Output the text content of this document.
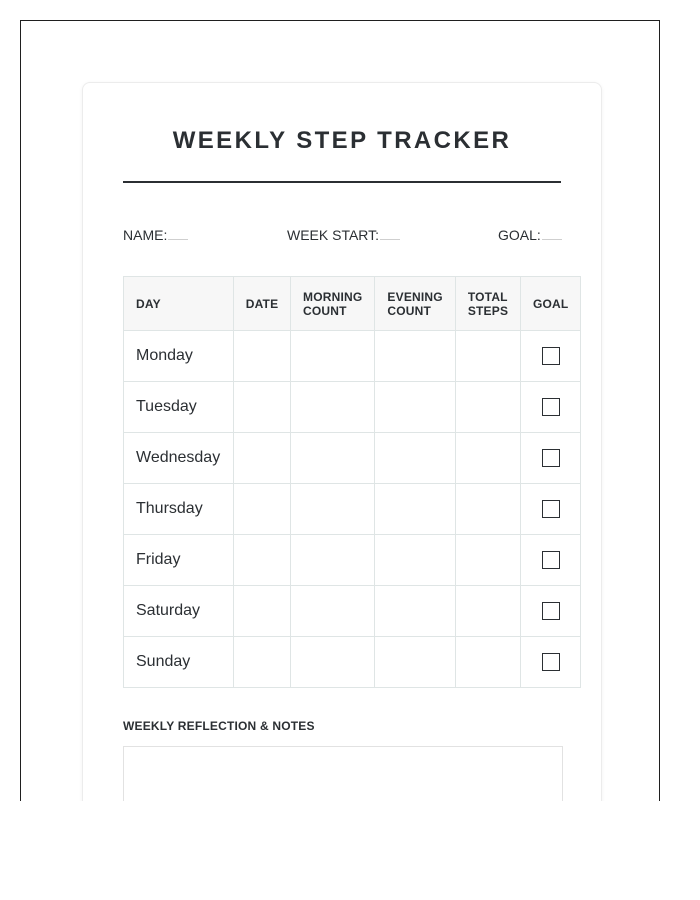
WEEKLY STEP TRACKER
NAME:	WEEK START:	GOAL:
DAY	DATE	MORNING COUNT	EVENING COUNT	TOTAL STEPS	GOAL
Monday					
Tuesday					
Wednesday					
Thursday					
Friday					
Saturday					
Sunday					
WEEKLY REFLECTION & NOTES
